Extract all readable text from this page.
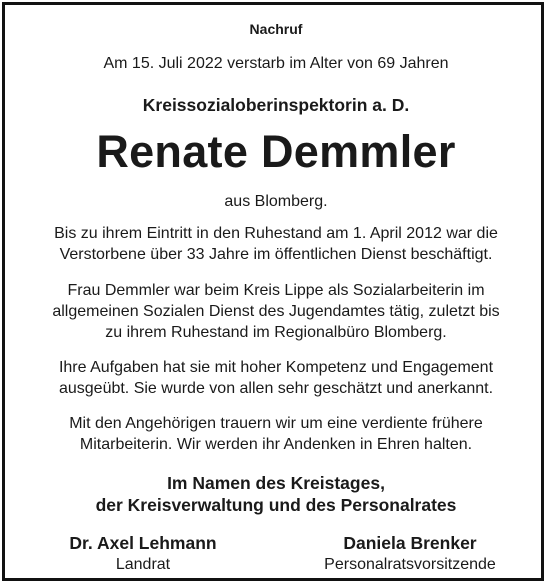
Nachruf
Am 15. Juli 2022 verstarb im Alter von 69 Jahren
Kreissozialoberinspektorin a. D.
Renate Demmler
aus Blomberg.
Bis zu ihrem Eintritt in den Ruhestand am 1. April 2012 war die
Verstorbene über 33 Jahre im öffentlichen Dienst beschäftigt.
Frau Demmler war beim Kreis Lippe als Sozialarbeiterin im
allgemeinen Sozialen Dienst des Jugendamtes tätig, zuletzt bis
zu ihrem Ruhestand im Regionalbüro Blomberg.
Ihre Aufgaben hat sie mit hoher Kompetenz und Engagement
ausgeübt. Sie wurde von allen sehr geschätzt und anerkannt.
Mit den Angehörigen trauern wir um eine verdiente frühere
Mitarbeiterin. Wir werden ihr Andenken in Ehren halten.
Im Namen des Kreistages,
der Kreisverwaltung und des Personalrates
Dr. Axel Lehmann
Landrat
Daniela Brenker
Personalratsvorsitzende
